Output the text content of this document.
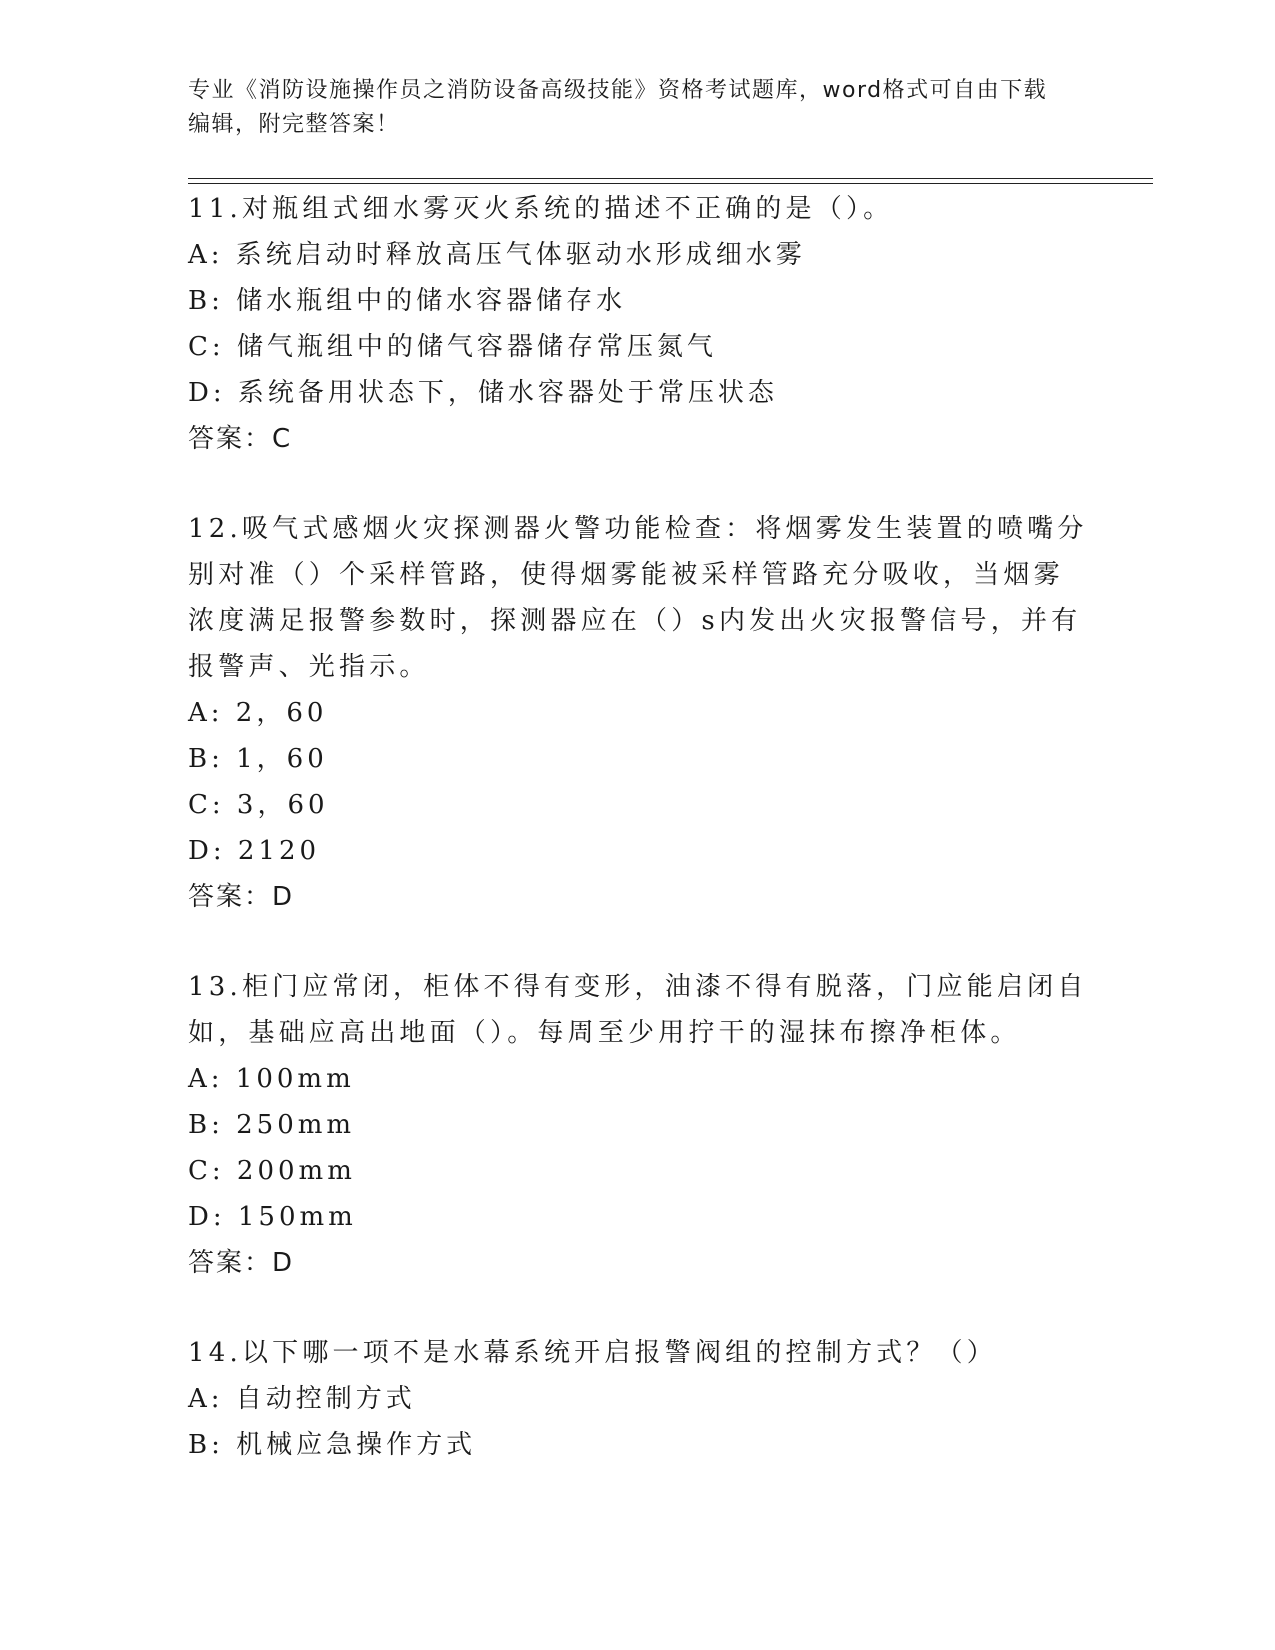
专业《消防设施操作员之消防设备高级技能》资格考试题库，word格式可自由下载编辑，附完整答案！

11.对瓶组式细水雾灭火系统的描述不正确的是（）。

A: 系统启动时释放高压气体驱动水形成细水雾

B: 储水瓶组中的储水容器储存水

C: 储气瓶组中的储气容器储存常压氮气

D: 系统备用状态下，储水容器处于常压状态

答案：C

12.吸气式感烟火灾探测器火警功能检查：将烟雾发生装置的喷嘴分别对准（）个采样管路，使得烟雾能被采样管路充分吸收，当烟雾浓度满足报警参数时，探测器应在（）s内发出火灾报警信号，并有报警声、光指示。

A: 2，60

B: 1，60

C: 3，60

D: 2120

答案：D

13.柜门应常闭，柜体不得有变形，油漆不得有脱落，门应能启闭自如，基础应高出地面（）。每周至少用拧干的湿抹布擦净柜体。

A: 100mm

B: 250mm

C: 200mm

D: 150mm

答案：D

14.以下哪一项不是水幕系统开启报警阀组的控制方式？（）

A: 自动控制方式

B: 机械应急操作方式
